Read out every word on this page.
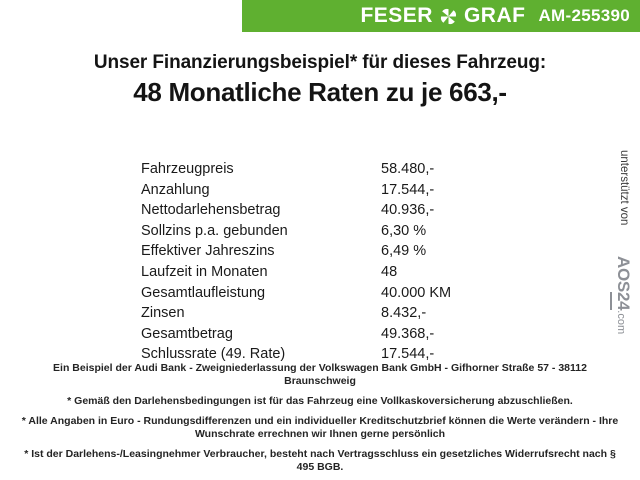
FESER GRAF AM-255390
Unser Finanzierungsbeispiel* für dieses Fahrzeug:
48 Monatliche Raten zu je 663,-
Fahrzeugpreis	58.480,-
Anzahlung	17.544,-
Nettodarlehensbetrag	40.936,-
Sollzins p.a. gebunden	6,30 %
Effektiver Jahreszins	6,49 %
Laufzeit in Monaten	48
Gesamtlaufleistung	40.000 KM
Zinsen	8.432,-
Gesamtbetrag	49.368,-
Schlussrate (49. Rate)	17.544,-
unterstützt von
AOS24.com

Ein Beispiel der Audi Bank - Zweigniederlassung der Volkswagen Bank GmbH - Gifhorner Straße 57 - 38112 Braunschweig

* Gemäß den Darlehensbedingungen ist für das Fahrzeug eine Vollkaskoversicherung abzuschließen.

* Alle Angaben in Euro - Rundungsdifferenzen und ein individueller Kreditschutzbrief können die Werte verändern - Ihre Wunschrate errechnen wir Ihnen gerne persönlich

* Ist der Darlehens-/Leasingnehmer Verbraucher, besteht nach Vertragsschluss ein gesetzliches Widerrufsrecht nach § 495 BGB.
